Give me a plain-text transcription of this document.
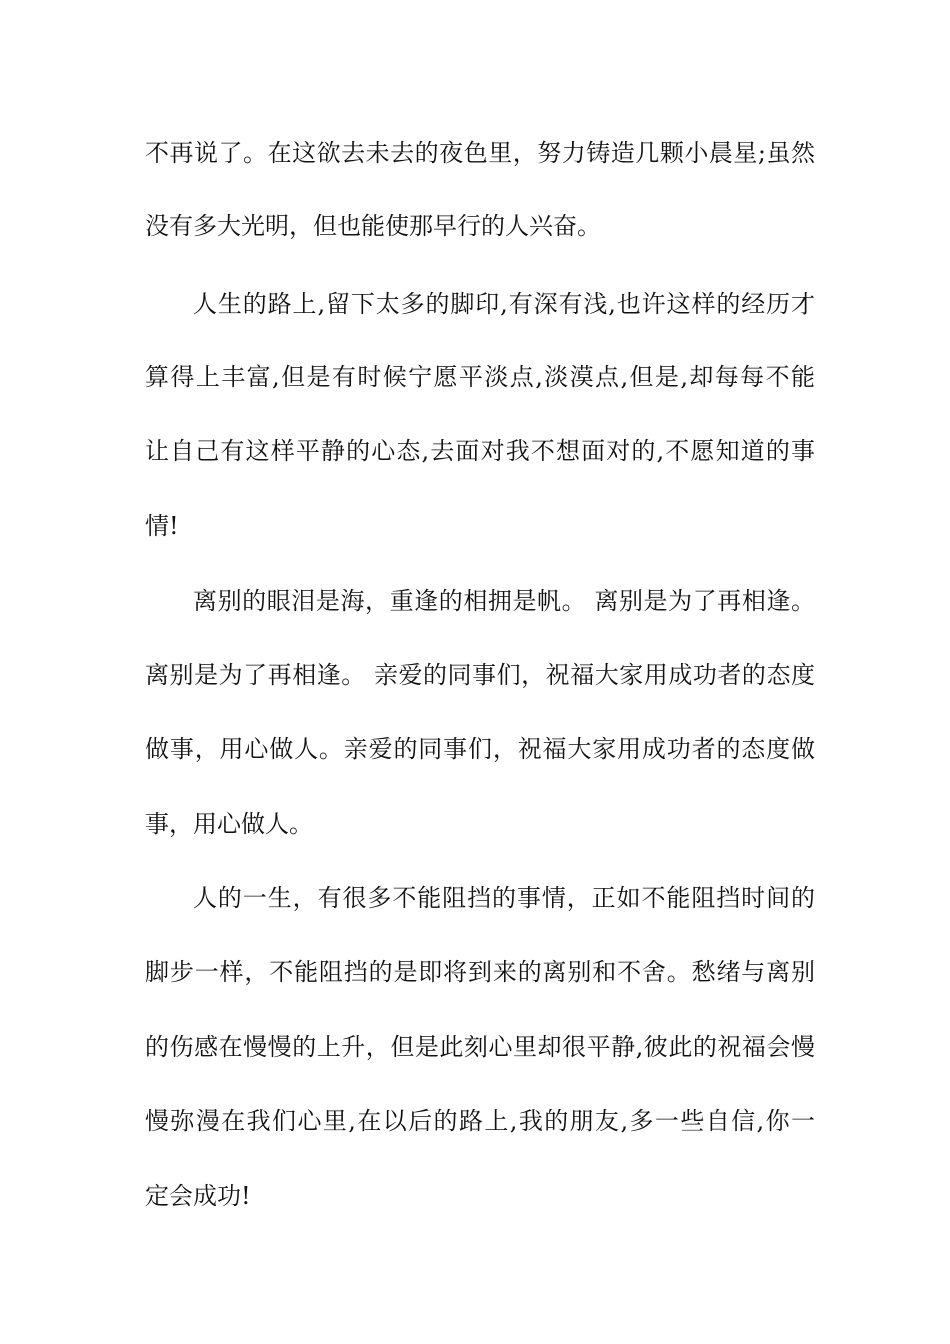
不再说了。在这欲去未去的夜色里，努力铸造几颗小晨星;虽然
没有多大光明，但也能使那早行的人兴奋。
人生的路上,留下太多的脚印,有深有浅,也许这样的经历才
算得上丰富,但是有时候宁愿平淡点,淡漠点,但是,却每每不能
让自己有这样平静的心态,去面对我不想面对的,不愿知道的事
情!
离别的眼泪是海，重逢的相拥是帆。 离别是为了再相逢。
离别是为了再相逢。 亲爱的同事们，祝福大家用成功者的态度
做事，用心做人。亲爱的同事们，祝福大家用成功者的态度做
事，用心做人。
人的一生，有很多不能阻挡的事情，正如不能阻挡时间的
脚步一样，不能阻挡的是即将到来的离别和不舍。愁绪与离别
的伤感在慢慢的上升，但是此刻心里却很平静,彼此的祝福会慢
慢弥漫在我们心里,在以后的路上,我的朋友,多一些自信,你一
定会成功!
